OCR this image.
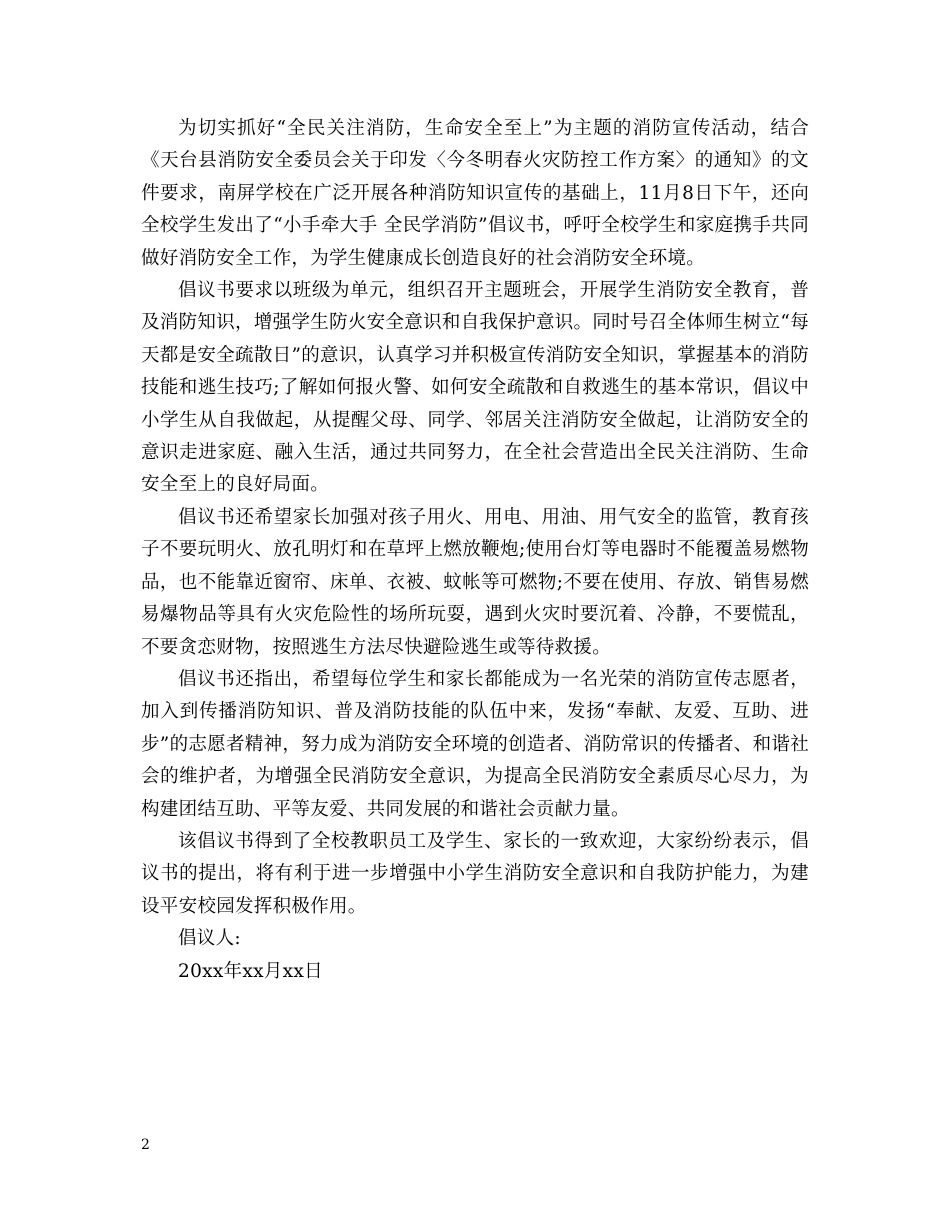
为切实抓好“全民关注消防，生命安全至上”为主题的消防宣传活动，结合《天台县消防安全委员会关于印发〈今冬明春火灾防控工作方案〉的通知》的文件要求，南屏学校在广泛开展各种消防知识宣传的基础上，11月8日下午，还向全校学生发出了“小手牵大手 全民学消防”倡议书，呼吁全校学生和家庭携手共同做好消防安全工作，为学生健康成长创造良好的社会消防安全环境。

倡议书要求以班级为单元，组织召开主题班会，开展学生消防安全教育，普及消防知识，增强学生防火安全意识和自我保护意识。同时号召全体师生树立“每天都是安全疏散日”的意识，认真学习并积极宣传消防安全知识，掌握基本的消防技能和逃生技巧;了解如何报火警、如何安全疏散和自救逃生的基本常识，倡议中小学生从自我做起，从提醒父母、同学、邻居关注消防安全做起，让消防安全的意识走进家庭、融入生活，通过共同努力，在全社会营造出全民关注消防、生命安全至上的良好局面。

倡议书还希望家长加强对孩子用火、用电、用油、用气安全的监管，教育孩子不要玩明火、放孔明灯和在草坪上燃放鞭炮;使用台灯等电器时不能覆盖易燃物品，也不能靠近窗帘、床单、衣被、蚊帐等可燃物;不要在使用、存放、销售易燃易爆物品等具有火灾危险性的场所玩耍，遇到火灾时要沉着、冷静，不要慌乱，不要贪恋财物，按照逃生方法尽快避险逃生或等待救援。

倡议书还指出，希望每位学生和家长都能成为一名光荣的消防宣传志愿者，加入到传播消防知识、普及消防技能的队伍中来，发扬“奉献、友爱、互助、进步”的志愿者精神，努力成为消防安全环境的创造者、消防常识的传播者、和谐社会的维护者，为增强全民消防安全意识，为提高全民消防安全素质尽心尽力，为构建团结互助、平等友爱、共同发展的和谐社会贡献力量。

该倡议书得到了全校教职员工及学生、家长的一致欢迎，大家纷纷表示，倡议书的提出，将有利于进一步增强中小学生消防安全意识和自我防护能力，为建设平安校园发挥积极作用。

倡议人:

20xx年xx月xx日

2
